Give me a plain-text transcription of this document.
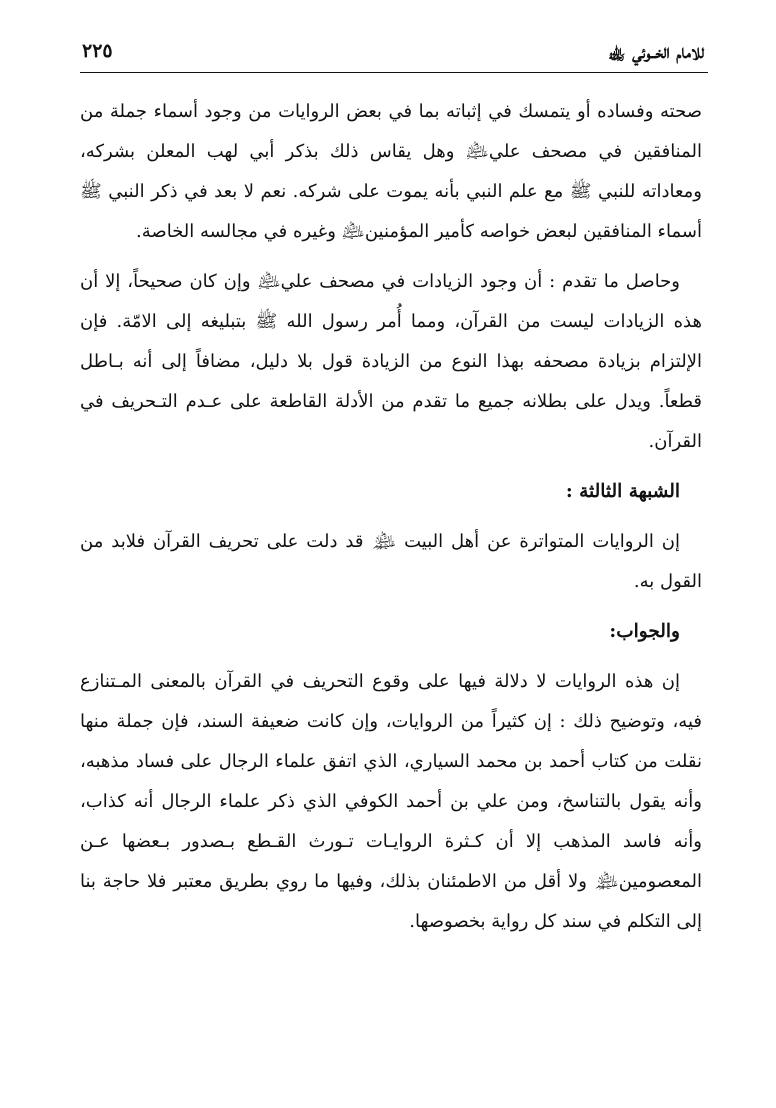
للامام الخــوئي ﵀
٢٢٥

صحته وفساده أو يتمسك في إثباته بما في بعض الروايات من وجود أسماء جملة من المنافقين في مصحف علي﵇ وهل يقاس ذلك بذكر أبي لهب المعلن بشركه، ومعاداته للنبي ﷺ مع علم النبي بأنه يموت على شركه. نعم لا بعد في ذكر النبي ﷺ أسماء المنافقين لبعض خواصه كأمير المؤمنين﵇ وغيره في مجالسه الخاصة.

وحاصل ما تقدم : أن وجود الزيادات في مصحف علي﵇ وإن كان صحيحاً، إلا أن هذه الزيادات ليست من القرآن، ومما أُمر رسول الله ﷺ بتبليغه إلى الامّة. فإن الإلتزام بزيادة مصحفه بهذا النوع من الزيادة قول بلا دليل، مضافاً إلى أنه بـاطل قطعاً. ويدل على بطلانه جميع ما تقدم من الأدلة القاطعة على عـدم التـحريف في القرآن.

الشبهة الثالثة :

إن الروايات المتواترة عن أهل البيت ﵈ قد دلت على تحريف القرآن فلابد من القول به.

والجواب:

إن هذه الروايات لا دلالة فيها على وقوع التحريف في القرآن بالمعنى المـتنازع فيه، وتوضيح ذلك : إن كثيراً من الروايات، وإن كانت ضعيفة السند، فإن جملة منها نقلت من كتاب أحمد بن محمد السياري، الذي اتفق علماء الرجال على فساد مذهبه، وأنه يقول بالتناسخ، ومن علي بن أحمد الكوفي الذي ذكر علماء الرجال أنه كذاب، وأنه فاسد المذهب إلا أن كـثرة الروايـات تـورث القـطع بـصدور بـعضها عـن المعصومين﵈ ولا أقل من الاطمئنان بذلك، وفيها ما روي بطريق معتبر فلا حاجة بنا إلى التكلم في سند كل رواية بخصوصها.
